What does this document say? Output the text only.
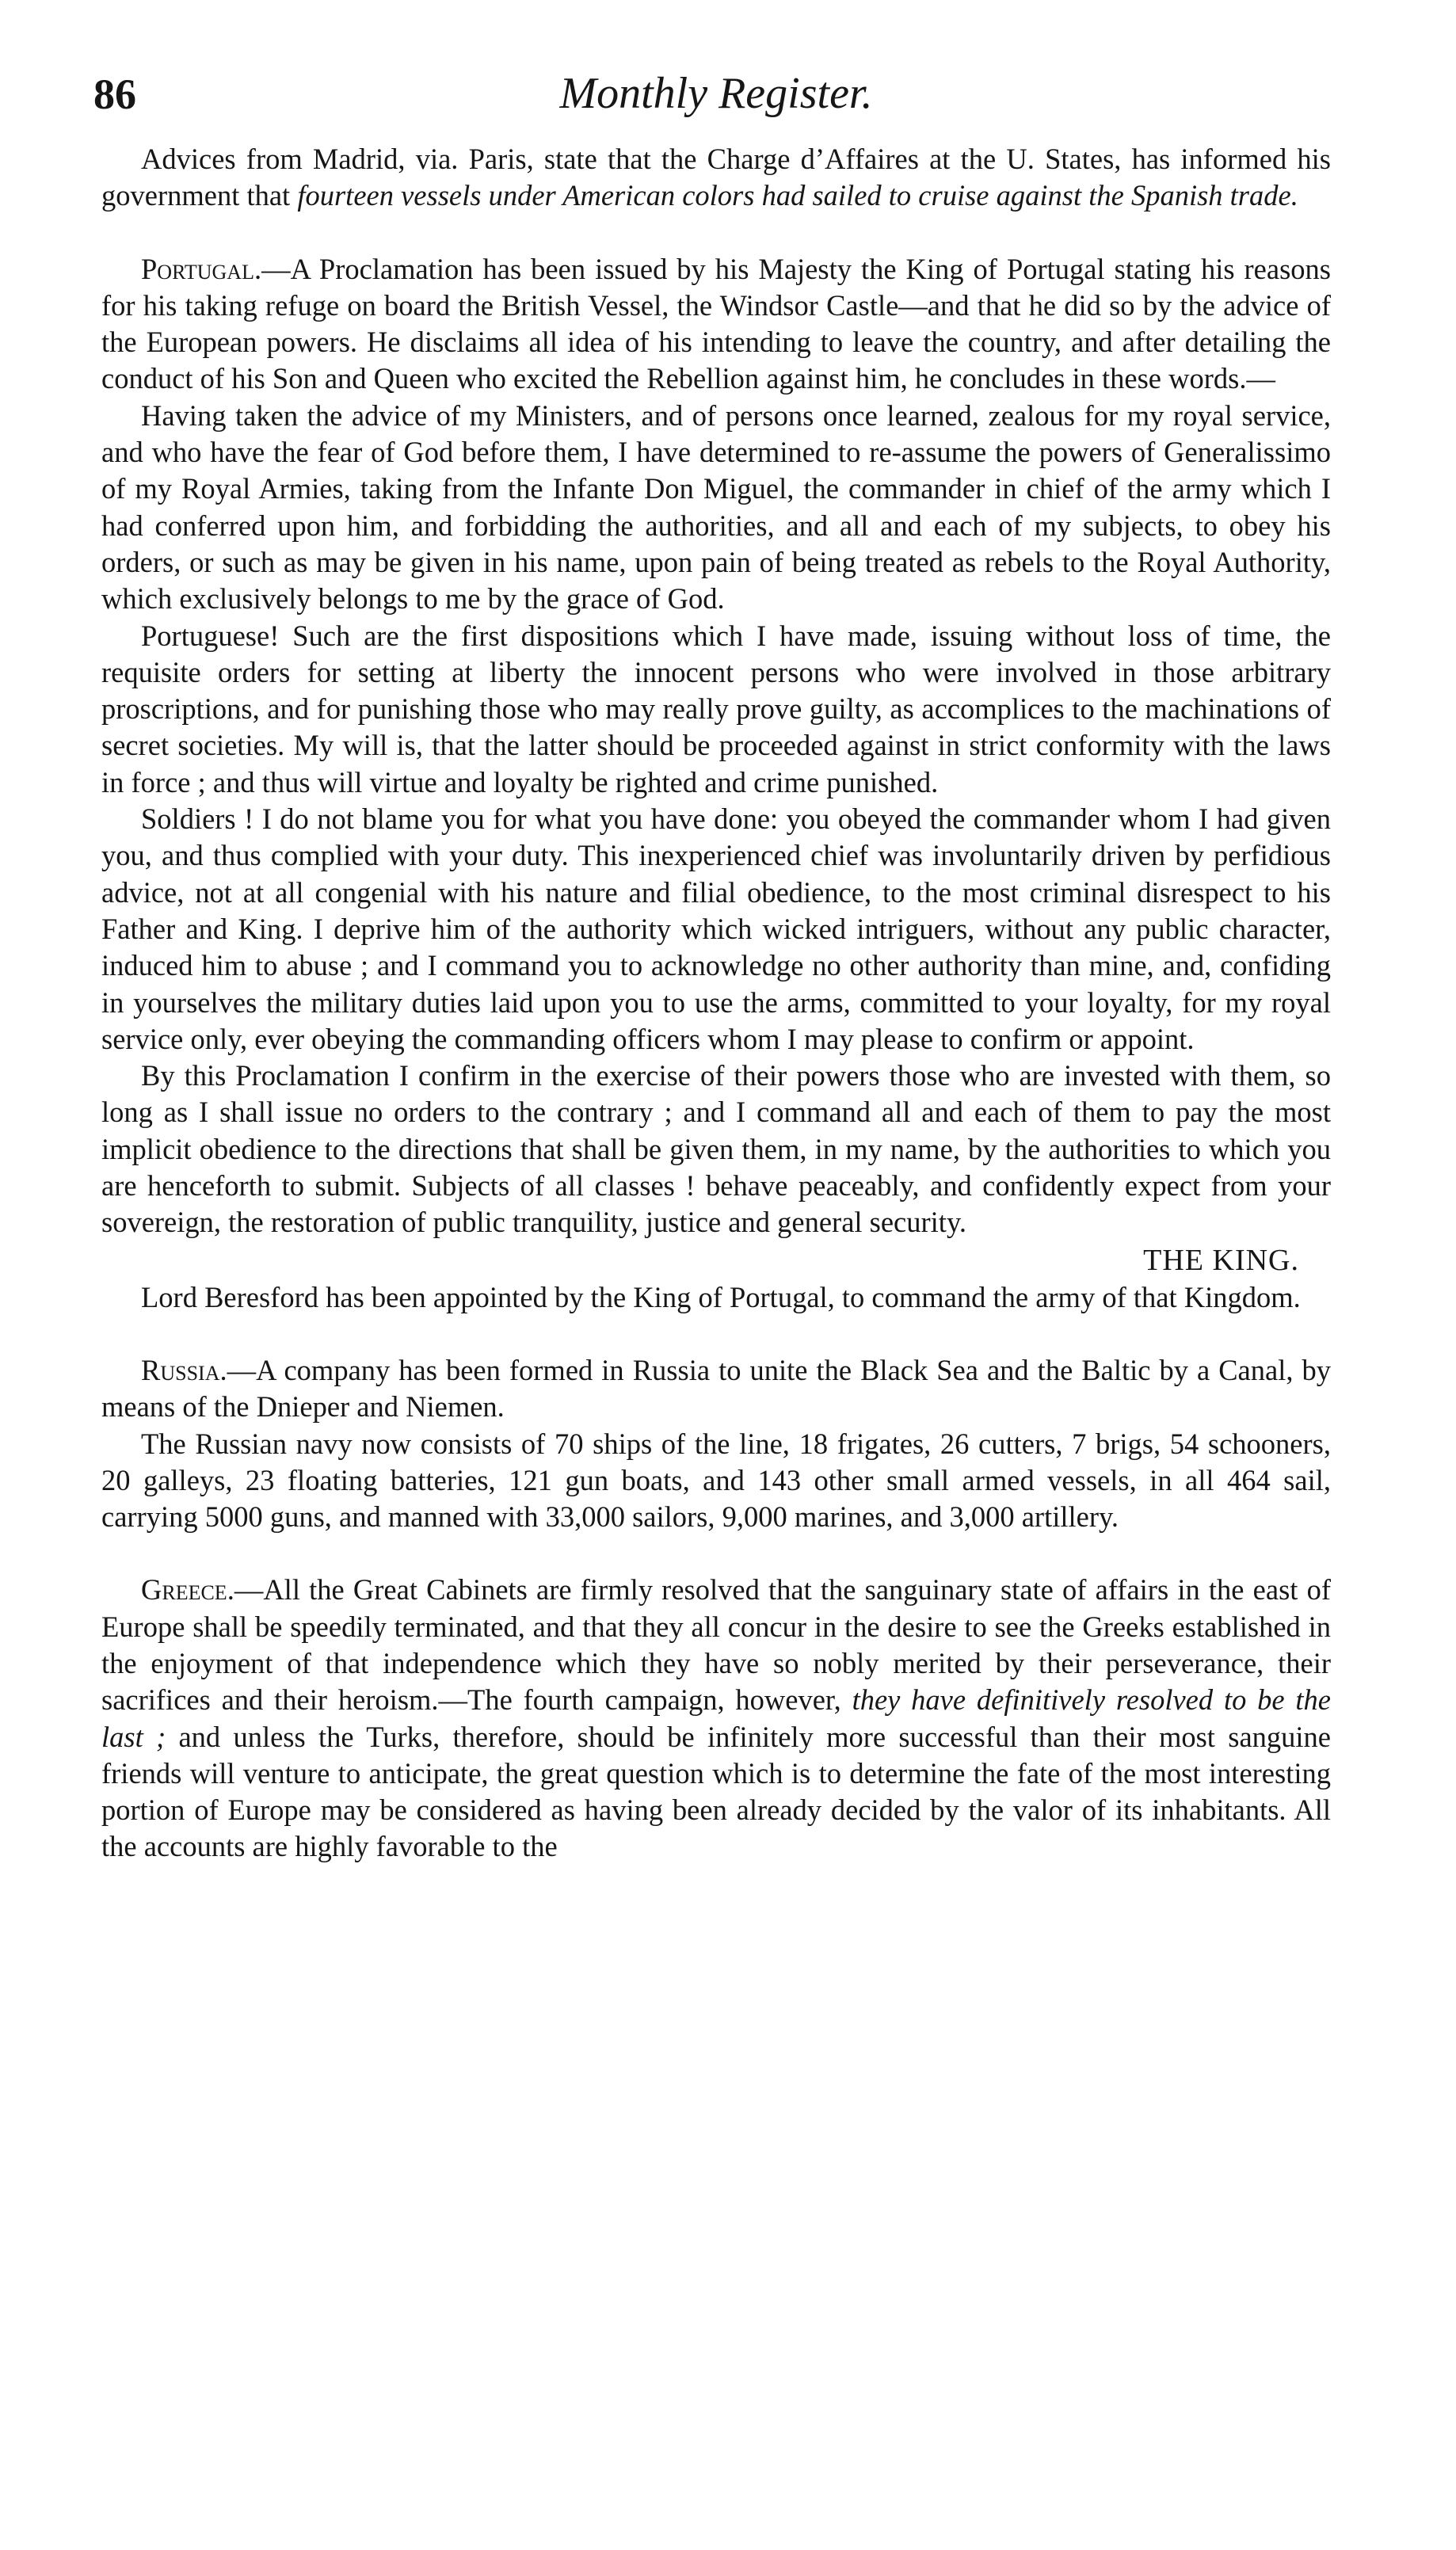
86	Monthly Register.

Advices from Madrid, via. Paris, state that the Charge d’Affaires at the U. States, has informed his government that fourteen vessels under American colors had sailed to cruise against the Spanish trade.

Portugal.—A Proclamation has been issued by his Majesty the King of Portugal stating his reasons for his taking refuge on board the British Vessel, the Windsor Castle—and that he did so by the advice of the European powers. He disclaims all idea of his intending to leave the country, and after detailing the conduct of his Son and Queen who excited the Rebellion against him, he concludes in these words.—

Having taken the advice of my Ministers, and of persons once learned, zealous for my royal service, and who have the fear of God before them, I have determined to re-assume the powers of Generalissimo of my Royal Armies, taking from the Infante Don Miguel, the commander in chief of the army which I had conferred upon him, and forbidding the authorities, and all and each of my subjects, to obey his orders, or such as may be given in his name, upon pain of being treated as rebels to the Royal Authority, which exclusively belongs to me by the grace of God.

Portuguese! Such are the first dispositions which I have made, issuing without loss of time, the requisite orders for setting at liberty the innocent persons who were involved in those arbitrary proscriptions, and for punishing those who may really prove guilty, as accomplices to the machinations of secret societies. My will is, that the latter should be proceeded against in strict conformity with the laws in force ; and thus will virtue and loyalty be righted and crime punished.

Soldiers ! I do not blame you for what you have done: you obeyed the commander whom I had given you, and thus complied with your duty. This inexperienced chief was involuntarily driven by perfidious advice, not at all congenial with his nature and filial obedience, to the most criminal disrespect to his Father and King. I deprive him of the authority which wicked intriguers, without any public character, induced him to abuse ; and I command you to acknowledge no other authority than mine, and, confiding in yourselves the military duties laid upon you to use the arms, committed to your loyalty, for my royal service only, ever obeying the commanding officers whom I may please to confirm or appoint.

By this Proclamation I confirm in the exercise of their powers those who are invested with them, so long as I shall issue no orders to the contrary ; and I command all and each of them to pay the most implicit obedience to the directions that shall be given them, in my name, by the authorities to which you are henceforth to submit. Subjects of all classes ! behave peaceably, and confidently expect from your sovereign, the restoration of public tranquility, justice and general security.

THE KING.

Lord Beresford has been appointed by the King of Portugal, to command the army of that Kingdom.

Russia.—A company has been formed in Russia to unite the Black Sea and the Baltic by a Canal, by means of the Dnieper and Niemen.

The Russian navy now consists of 70 ships of the line, 18 frigates, 26 cutters, 7 brigs, 54 schooners, 20 galleys, 23 floating batteries, 121 gun boats, and 143 other small armed vessels, in all 464 sail, carrying 5000 guns, and manned with 33,000 sailors, 9,000 marines, and 3,000 artillery.

Greece.—All the Great Cabinets are firmly resolved that the sanguinary state of affairs in the east of Europe shall be speedily terminated, and that they all concur in the desire to see the Greeks established in the enjoyment of that independence which they have so nobly merited by their perseverance, their sacrifices and their heroism.—The fourth campaign, however, they have definitively resolved to be the last ; and unless the Turks, therefore, should be infinitely more successful than their most sanguine friends will venture to anticipate, the great question which is to determine the fate of the most interesting portion of Europe may be considered as having been already decided by the valor of its inhabitants. All the accounts are highly favorable to the
